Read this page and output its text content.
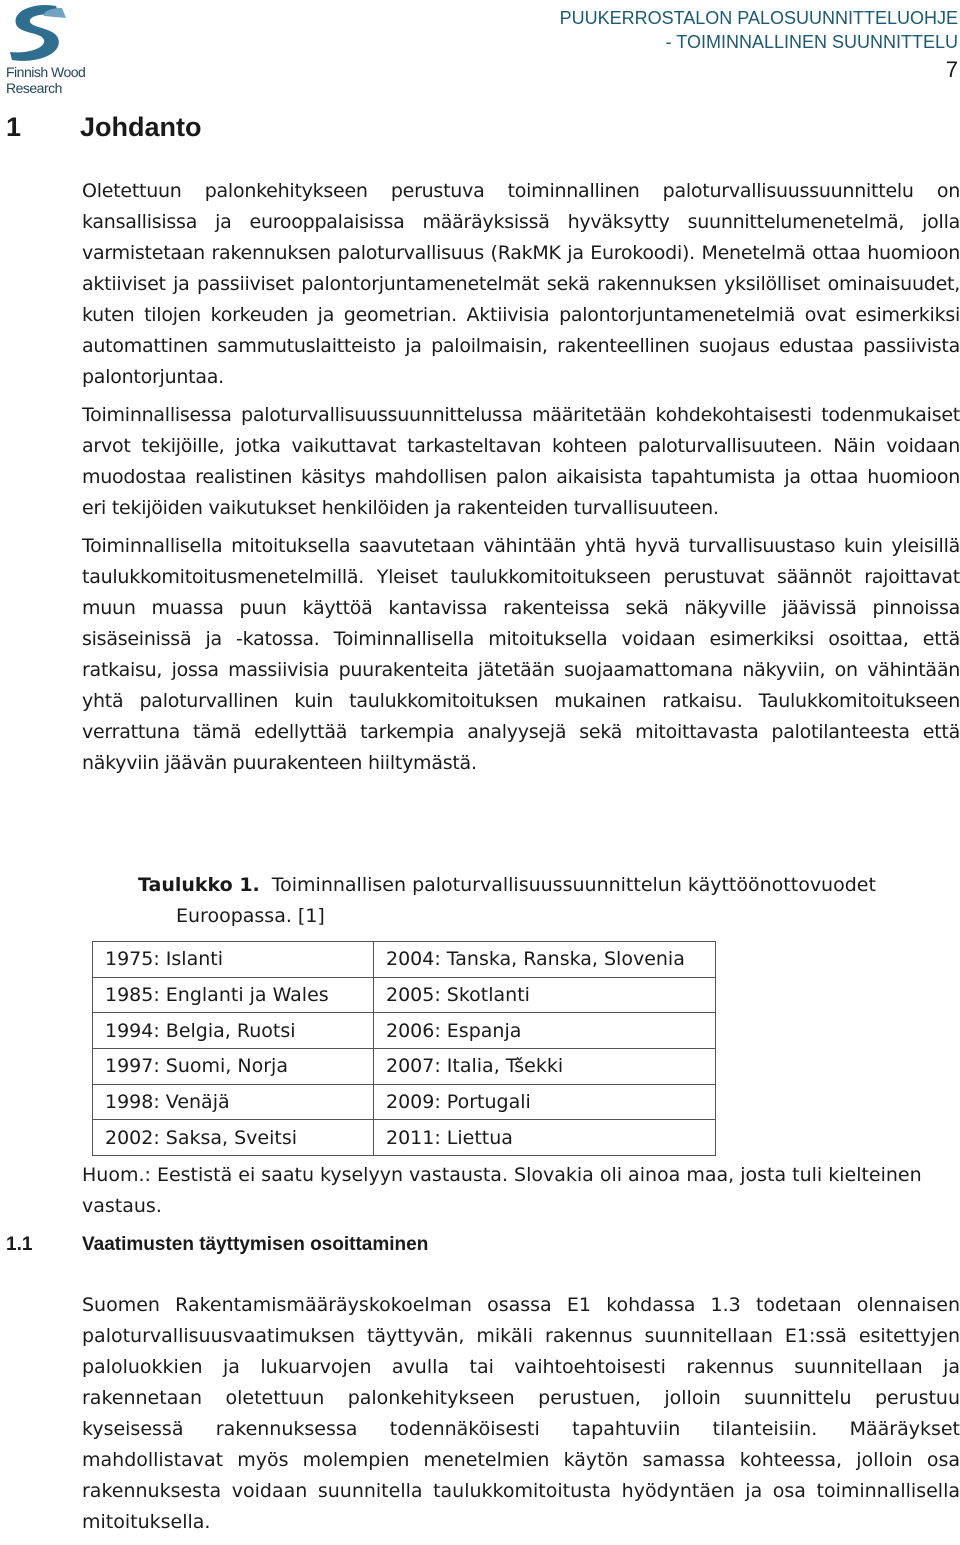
Finnish Wood
Research
PUUKERROSTALON PALOSUUNNITTELUOHJE
- TOIMINNALLINEN SUUNNITTELU
7
1 Johdanto

Oletettuun palonkehitykseen perustuva toiminnallinen paloturvallisuussuunnittelu on kansallisissa ja eurooppalaisissa määräyksissä hyväksytty suunnittelumenetelmä, jolla varmistetaan rakennuksen paloturvallisuus (RakMK ja Eurokoodi). Menetelmä ottaa huomioon aktiiviset ja passiiviset palontorjuntamenetelmät sekä rakennuksen yksilölliset ominaisuudet, kuten tilojen korkeuden ja geometrian. Aktiivisia palontorjuntamenetelmiä ovat esimerkiksi automattinen sammutuslaitteisto ja paloilmaisin, rakenteellinen suojaus edustaa passiivista palontorjuntaa.

Toiminnallisessa paloturvallisuussuunnittelussa määritetään kohdekohtaisesti todenmukaiset arvot tekijöille, jotka vaikuttavat tarkasteltavan kohteen paloturvallisuuteen. Näin voidaan muodostaa realistinen käsitys mahdollisen palon aikaisista tapahtumista ja ottaa huomioon eri tekijöiden vaikutukset henkilöiden ja rakenteiden turvallisuuteen.

Toiminnallisella mitoituksella saavutetaan vähintään yhtä hyvä turvallisuustaso kuin yleisillä taulukkomitoitusmenetelmillä. Yleiset taulukkomitoitukseen perustuvat säännöt rajoittavat muun muassa puun käyttöä kantavissa rakenteissa sekä näkyville jäävissä pinnoissa sisäseinissä ja -katossa. Toiminnallisella mitoituksella voidaan esimerkiksi osoittaa, että ratkaisu, jossa massiivisia puurakenteita jätetään suojaamattomana näkyviin, on vähintään yhtä paloturvallinen kuin taulukkomitoituksen mukainen ratkaisu. Taulukkomitoitukseen verrattuna tämä edellyttää tarkempia analyysejä sekä mitoittavasta palotilanteesta että näkyviin jäävän puurakenteen hiiltymästä.

Taulukko 1. Toiminnallisen paloturvallisuussuunnittelun käyttöönottovuodet
Euroopassa. [1]
1975: Islanti	2004: Tanska, Ranska, Slovenia
1985: Englanti ja Wales	2005: Skotlanti
1994: Belgia, Ruotsi	2006: Espanja
1997: Suomi, Norja	2007: Italia, Tšekki
1998: Venäjä	2009: Portugali
2002: Saksa, Sveitsi	2011: Liettua
Huom.: Eestistä ei saatu kyselyyn vastausta. Slovakia oli ainoa maa, josta tuli kielteinen vastaus.
1.1	Vaatimusten täyttymisen osoittaminen

Suomen Rakentamismääräyskokoelman osassa E1 kohdassa 1.3 todetaan olennaisen paloturvallisuusvaatimuksen täyttyvän, mikäli rakennus suunnitellaan E1:ssä esitettyjen paloluokkien ja lukuarvojen avulla tai vaihtoehtoisesti rakennus suunnitellaan ja rakennetaan oletettuun palonkehitykseen perustuen, jolloin suunnittelu perustuu kyseisessä rakennuksessa todennäköisesti tapahtuviin tilanteisiin. Määräykset mahdollistavat myös molempien menetelmien käytön samassa kohteessa, jolloin osa rakennuksesta voidaan suunnitella taulukkomitoitusta hyödyntäen ja osa toiminnallisella mitoituksella.
